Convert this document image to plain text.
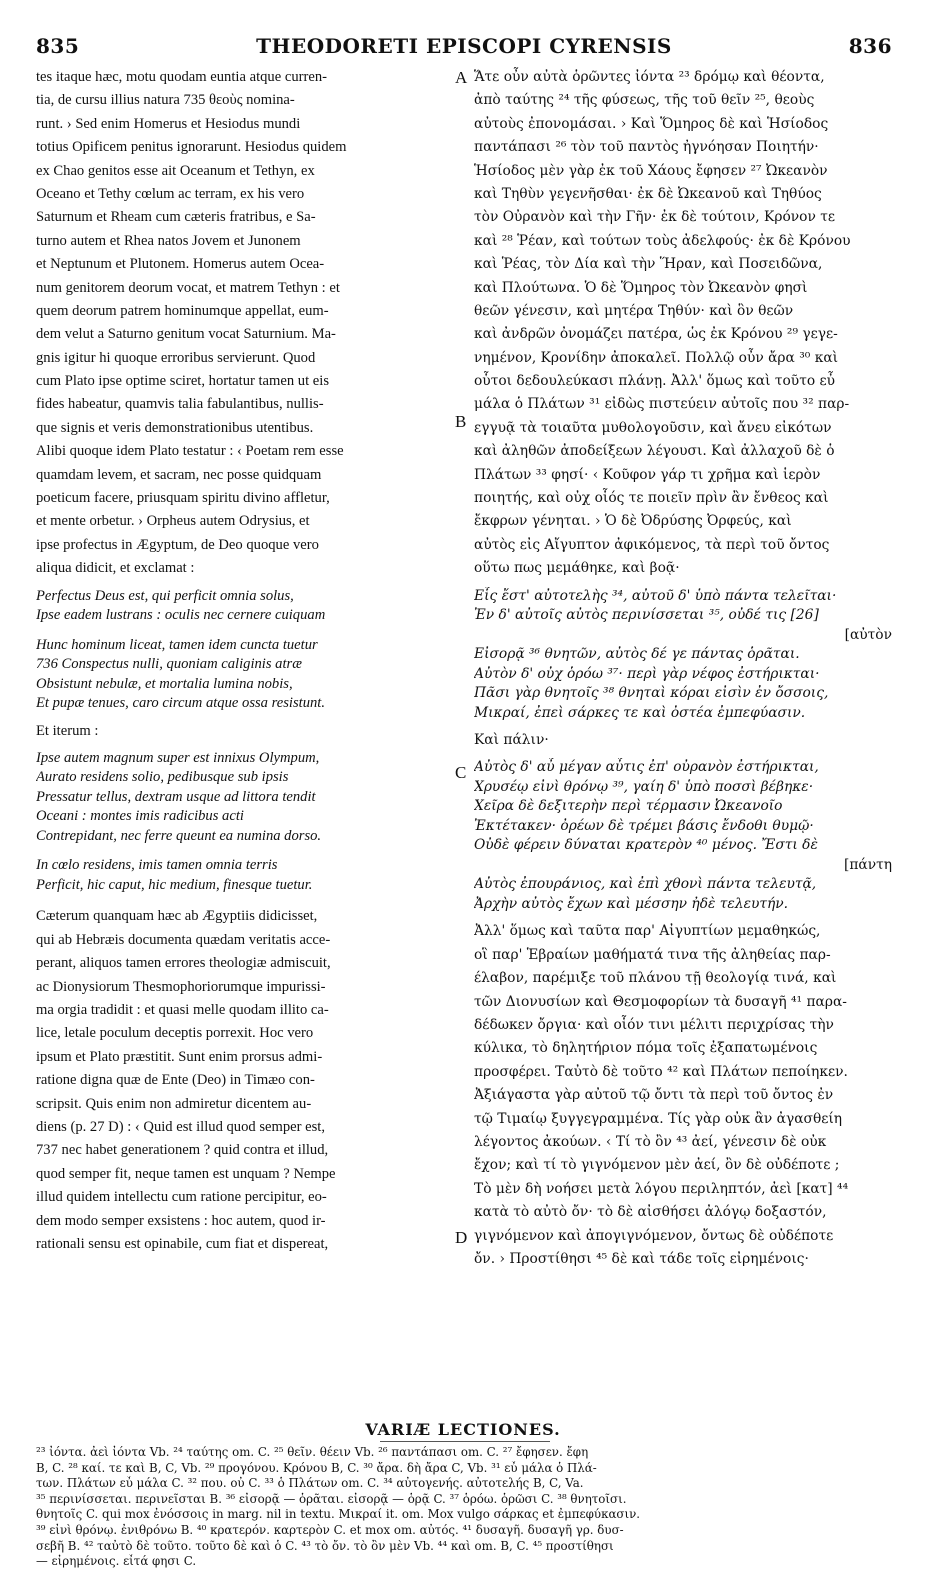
835	THEODORETI EPISCOPI CYRENSIS	836
A
B
C
D
tes itaque hæc, motu quodam euntia atque curren-
tia, de cursu illius natura 735 θεοὺς nomina-
runt. › Sed enim Homerus et Hesiodus mundi
totius Opificem penitus ignorarunt. Hesiodus quidem
ex Chao genitos esse ait Oceanum et Tethyn, ex
Oceano et Tethy cœlum ac terram, ex his vero
Saturnum et Rheam cum cæteris fratribus, e Sa-
turno autem et Rhea natos Jovem et Junonem
et Neptunum et Plutonem. Homerus autem Ocea-
num genitorem deorum vocat, et matrem Tethyn : et
quem deorum patrem hominumque appellat, eum-
dem velut a Saturno genitum vocat Saturnium. Ma-
gnis igitur hi quoque erroribus servierunt. Quod
cum Plato ipse optime sciret, hortatur tamen ut eis
fides habeatur, quamvis talia fabulantibus, nullis-
que signis et veris demonstrationibus utentibus.
Alibi quoque idem Plato testatur : ‹ Poetam rem esse
quamdam levem, et sacram, nec posse quidquam
poeticum facere, priusquam spiritu divino affletur,
et mente orbetur. › Orpheus autem Odrysius, et
ipse profectus in Ægyptum, de Deo quoque vero
aliqua didicit, et exclamat :
Perfectus Deus est, qui perficit omnia solus,
Ipse eadem lustrans : oculis nec cernere cuiquam
Hunc hominum liceat, tamen idem cuncta tuetur
736 Conspectus nulli, quoniam caliginis atræ
Obsistunt nebulæ, et mortalia lumina nobis,
Et pupæ tenues, caro circum atque ossa resistunt.
Et iterum :
Ipse autem magnum super est innixus Olympum,
Aurato residens solio, pedibusque sub ipsis
Pressatur tellus, dextram usque ad littora tendit
Oceani : montes imis radicibus acti
Contrepidant, nec ferre queunt ea numina dorso.
In cœlo residens, imis tamen omnia terris
Perficit, hic caput, hic medium, finesque tuetur.
Cæterum quanquam hæc ab Ægyptiis didicisset,
qui ab Hebræis documenta quædam veritatis acce-
perant, aliquos tamen errores theologiæ admiscuit,
ac Dionysiorum Thesmophoriorumque impurissi-
ma orgia tradidit : et quasi melle quodam illito ca-
lice, letale poculum deceptis porrexit. Hoc vero
ipsum et Plato præstitit. Sunt enim prorsus admi-
ratione digna quæ de Ente (Deo) in Timæo con-
scripsit. Quis enim non admiretur dicentem au-
diens (p. 27 D) : ‹ Quid est illud quod semper est,
737 nec habet generationem ? quid contra et illud,
quod semper fit, neque tamen est unquam ? Nempe
illud quidem intellectu cum ratione percipitur, eo-
dem modo semper exsistens : hoc autem, quod ir-
rationali sensu est opinabile, cum fiat et dispereat,
Ἅτε οὖν αὐτὰ ὁρῶντες ἰόντα ²³ δρόμῳ καὶ θέοντα,
ἀπὸ ταύτης ²⁴ τῆς φύσεως, τῆς τοῦ θεῖν ²⁵, θεοὺς
αὐτοὺς ἐπονομάσαι. › Καὶ Ὅμηρος δὲ καὶ Ἡσίοδος
παντάπασι ²⁶ τὸν τοῦ παντὸς ἠγνόησαν Ποιητήν·
Ἡσίοδος μὲν γὰρ ἐκ τοῦ Χάους ἔφησεν ²⁷ Ὠκεανὸν
καὶ Τηθὺν γεγενῆσθαι· ἐκ δὲ Ὠκεανοῦ καὶ Τηθύος
τὸν Οὐρανὸν καὶ τὴν Γῆν· ἐκ δὲ τούτοιν, Κρόνον τε
καὶ ²⁸ Ῥέαν, καὶ τούτων τοὺς ἀδελφούς· ἐκ δὲ Κρόνου
καὶ Ῥέας, τὸν Δία καὶ τὴν Ἥραν, καὶ Ποσειδῶνα,
καὶ Πλούτωνα. Ὁ δὲ Ὅμηρος τὸν Ὠκεανὸν φησὶ
θεῶν γένεσιν, καὶ μητέρα Τηθύν· καὶ ὃν θεῶν
καὶ ἀνδρῶν ὀνομάζει πατέρα, ὡς ἐκ Κρόνου ²⁹ γεγε-
νημένον, Κρονίδην ἀποκαλεῖ. Πολλῷ οὖν ἄρα ³⁰ καὶ
οὗτοι δεδουλεύκασι πλάνῃ. Ἀλλ' ὅμως καὶ τοῦτο εὖ
μάλα ὁ Πλάτων ³¹ εἰδὼς πιστεύειν αὐτοῖς που ³² παρ-
εγγυᾷ τὰ τοιαῦτα μυθολογοῦσιν, καὶ ἄνευ εἰκότων
καὶ ἀληθῶν ἀποδείξεων λέγουσι. Καὶ ἀλλαχοῦ δὲ ὁ
Πλάτων ³³ φησί· ‹ Κοῦφον γάρ τι χρῆμα καὶ ἱερὸν
ποιητής, καὶ οὐχ οἷός τε ποιεῖν πρὶν ἂν ἔνθεος καὶ
ἔκφρων γένηται. › Ὁ δὲ Ὀδρύσης Ὀρφεύς, καὶ
αὐτὸς εἰς Αἴγυπτον ἀφικόμενος, τὰ περὶ τοῦ ὄντος
οὕτω πως μεμάθηκε, καὶ βοᾷ·
Εἷς ἔστ' αὐτοτελὴς ³⁴, αὐτοῦ δ' ὑπὸ πάντα τελεῖται·
Ἐν δ' αὐτοῖς αὐτὸς περινίσσεται ³⁵, οὐδέ τις [26]
[αὐτὸν
Εἰσορᾷ ³⁶ θνητῶν, αὐτὸς δέ γε πάντας ὁρᾶται.
Αὐτὸν δ' οὐχ ὁρόω ³⁷· περὶ γὰρ νέφος ἐστήρικται·
Πᾶσι γὰρ θνητοῖς ³⁸ θνηταὶ κόραι εἰσὶν ἐν ὄσσοις,
Μικραί, ἐπεὶ σάρκες τε καὶ ὀστέα ἐμπεφύασιν.
Καὶ πάλιν·
Αὐτὸς δ' αὖ μέγαν αὖτις ἐπ' οὐρανὸν ἐστήρικται,
Χρυσέῳ εἰνὶ θρόνῳ ³⁹, γαίη δ' ὑπὸ ποσσὶ βέβηκε·
Χεῖρα δὲ δεξιτερὴν περὶ τέρμασιν Ὠκεανοῖο
Ἐκτέτακεν· ὀρέων δὲ τρέμει βάσις ἔνδοθι θυμῷ·
Οὐδὲ φέρειν δύναται κρατερὸν ⁴⁰ μένος. Ἔστι δὲ
[πάντη
Αὐτὸς ἐπουράνιος, καὶ ἐπὶ χθονὶ πάντα τελευτᾷ,
Ἀρχὴν αὐτὸς ἔχων καὶ μέσσην ἠδὲ τελευτήν.
Ἀλλ' ὅμως καὶ ταῦτα παρ' Αἰγυπτίων μεμαθηκώς,
οἳ παρ' Ἑβραίων μαθήματά τινα τῆς ἀληθείας παρ-
έλαβον, παρέμιξε τοῦ πλάνου τῇ θεολογίᾳ τινά, καὶ
τῶν Διονυσίων καὶ Θεσμοφορίων τὰ δυσαγῆ ⁴¹ παρα-
δέδωκεν ὄργια· καὶ οἷόν τινι μέλιτι περιχρίσας τὴν
κύλικα, τὸ δηλητήριον πόμα τοῖς ἐξαπατωμένοις
προσφέρει. Ταὐτὸ δὲ τοῦτο ⁴² καὶ Πλάτων πεποίηκεν.
Ἀξιάγαστα γὰρ αὐτοῦ τῷ ὄντι τὰ περὶ τοῦ ὄντος ἐν
τῷ Τιμαίῳ ξυγγεγραμμένα. Τίς γὰρ οὐκ ἂν ἀγασθείη
λέγοντος ἀκούων. ‹ Τί τὸ ὂν ⁴³ ἀεί, γένεσιν δὲ οὐκ
ἔχον; καὶ τί τὸ γιγνόμενον μὲν ἀεί, ὂν δὲ οὐδέποτε ;
Τὸ μὲν δὴ νοήσει μετὰ λόγου περιληπτόν, ἀεὶ [κατ] ⁴⁴
κατὰ τὸ αὐτὸ ὄν· τὸ δὲ αἰσθήσει ἀλόγῳ δοξαστόν,
γιγνόμενον καὶ ἀπογιγνόμενον, ὄντως δὲ οὐδέποτε
ὄν. › Προστίθησι ⁴⁵ δὲ καὶ τάδε τοῖς εἰρημένοις·
VARIÆ LECTIONES.
²³ ἰόντα. ἀεὶ ἰόντα Vb. ²⁴ ταύτης om. C. ²⁵ θεῖν. θέειν Vb. ²⁶ παντάπασι om. C. ²⁷ ἔφησεν. ἔφη
B, C. ²⁸ καί. τε καὶ B, C, Vb. ²⁹ προγόνου. Κρόνου B, C. ³⁰ ἄρα. δὴ ἄρα C, Vb. ³¹ εὖ μάλα ὁ Πλά-
των. Πλάτων εὖ μάλα C. ³² που. οὐ C. ³³ ὁ Πλάτων om. C. ³⁴ αὐτογενής. αὐτοτελής B, C, Va.
³⁵ περινίσσεται. περινεῖσται B. ³⁶ εἰσορᾷ — ὁρᾶται. εἰσορᾷ — ὁρᾷ C. ³⁷ ὁρόω. ὁρῶσι C. ³⁸ θνητοῖσι.
θνητοῖς C. qui mox ἐνόσσοις in marg. nil in textu. Μικραί it. om. Mox vulgo σάρκας et ἐμπεφύκασιν.
³⁹ εἰνὶ θρόνῳ. ἐνιθρόνω B. ⁴⁰ κρατερόν. καρτερὸν C. et mox om. αὐτός. ⁴¹ δυσαγῆ. δυσαγῆ γρ. δυσ-
σεβῆ B. ⁴² ταὐτὸ δὲ τοῦτο. τοῦτο δὲ καὶ ὁ C. ⁴³ τὸ ὄν. τὸ ὂν μὲν Vb. ⁴⁴ καὶ om. B, C. ⁴⁵ προστίθησι
— εἰρημένοις. εἶτά φησι C.
